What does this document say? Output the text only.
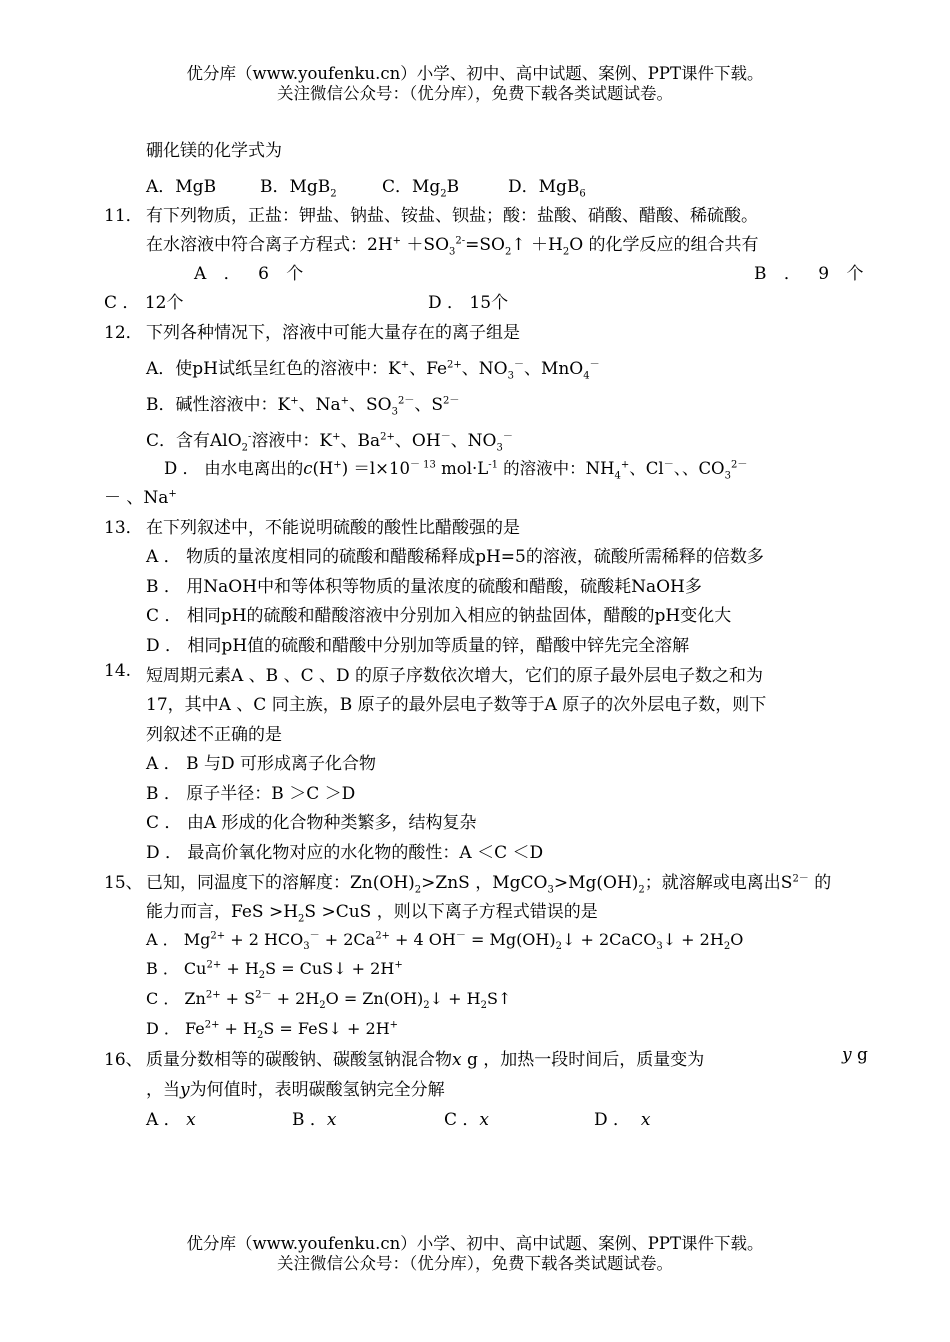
优分库（www.youfenku.cn）小学、初中、高中试题、案例、PPT课件下载。
关注微信公众号：（优分库），免费下载各类试题试卷。
硼化镁的化学式为
A．MgB	B．MgB$_2$	C．$Mg_2B$	D．MgB$_6$
11． 有下列物质，正盐：钾盐、钠盐、铵盐、钡盐；酸：盐酸、硝酸、醋酸、稀硫酸。
在水溶液中符合离子方程式：$2H^+ +SO_3^{2-}=SO_2↑ +H_2O$ 的化学反应的组合共有
A ． 6 个	B ． 9 个
C ． 12个	D ． 15个
12． 下列各种情况下，溶液中可能大量存在的离子组是
A．使pH试纸呈红色的溶液中：K+、$Fe^{2+}$、$NO_3^-$、MnO$_4$－
B．碱性溶液中：K+、Na+、$SO_3^{2-}$、$S^{2-}$
C．含有AlO$_2$-溶液中：K+、$Ba^{2+}$、OH－、$NO_3^-$
D ． 由水电离出的$c(H^+) =l\times 10^{- 13}$ $mol\cdot L^{-1}$ 的溶液中：$NH_4^+$、Cl－、、$CO_3^{2-}$
－ 、Na+
13． 在下列叙述中，不能说明硫酸的酸性比醋酸强的是
A ． 物质的量浓度相同的硫酸和醋酸稀释成pH=5的溶液，硫酸所需稀释的倍数多
B ． 用NaOH中和等体积等物质的量浓度的硫酸和醋酸，硫酸耗NaOH多
C ． 相同pH的硫酸和醋酸溶液中分别加入相应的钠盐固体，醋酸的pH变化大
D ． 相同pH值的硫酸和醋酸中分别加等质量的锌，醋酸中锌先完全溶解
14. 短周期元素A 、B 、C 、D 的原子序数依次增大，它们的原子最外层电子数之和为
17，其中A 、C 同主族，B 原子的最外层电子数等于A 原子的次外层电子数，则下
列叙述不正确的是
A ． B 与D 可形成离子化合物
B ． 原子半径：B ＞C ＞D
C ． 由A 形成的化合物种类繁多，结构复杂
D ． 最高价氧化物对应的水化物的酸性：A ＜C ＜D
15、 已知，同温度下的溶解度：$Zn(OH)_2>ZnS$ ，$MgCO_3>Mg(OH)_2$；就溶解或电离出$S^{2-}$ 的
能力而言，FeS $>H_2S >CuS$ ，则以下离子方程式错误的是
A ． $Mg^{2+} + 2$ $HCO_3^- + 2Ca^{2+} + 4$ $OH^- = Mg(OH)_2↓$ + 2CaCO$_3$↓ + $2H_2O$
B ． $Cu^{2+} + H_2S$ = CuS↓ + 2H+
C ． $Zn^{2+} + S^{2-} + 2H_2O$ = $Zn(OH)_2↓$ + $H_2S↑$
D ． $Fe^{2+} + H_2S$ = FeS↓ + 2H+
16、 质量分数相等的碳酸钠、碳酸氢钠混合物x g ，加热一段时间后，质量变为	y g
，当y为何值时，表明碳酸氢钠完全分解
A ． x	B ．x	C ．x	D ． x
优分库（www.youfenku.cn）小学、初中、高中试题、案例、PPT课件下载。
关注微信公众号：（优分库），免费下载各类试题试卷。
